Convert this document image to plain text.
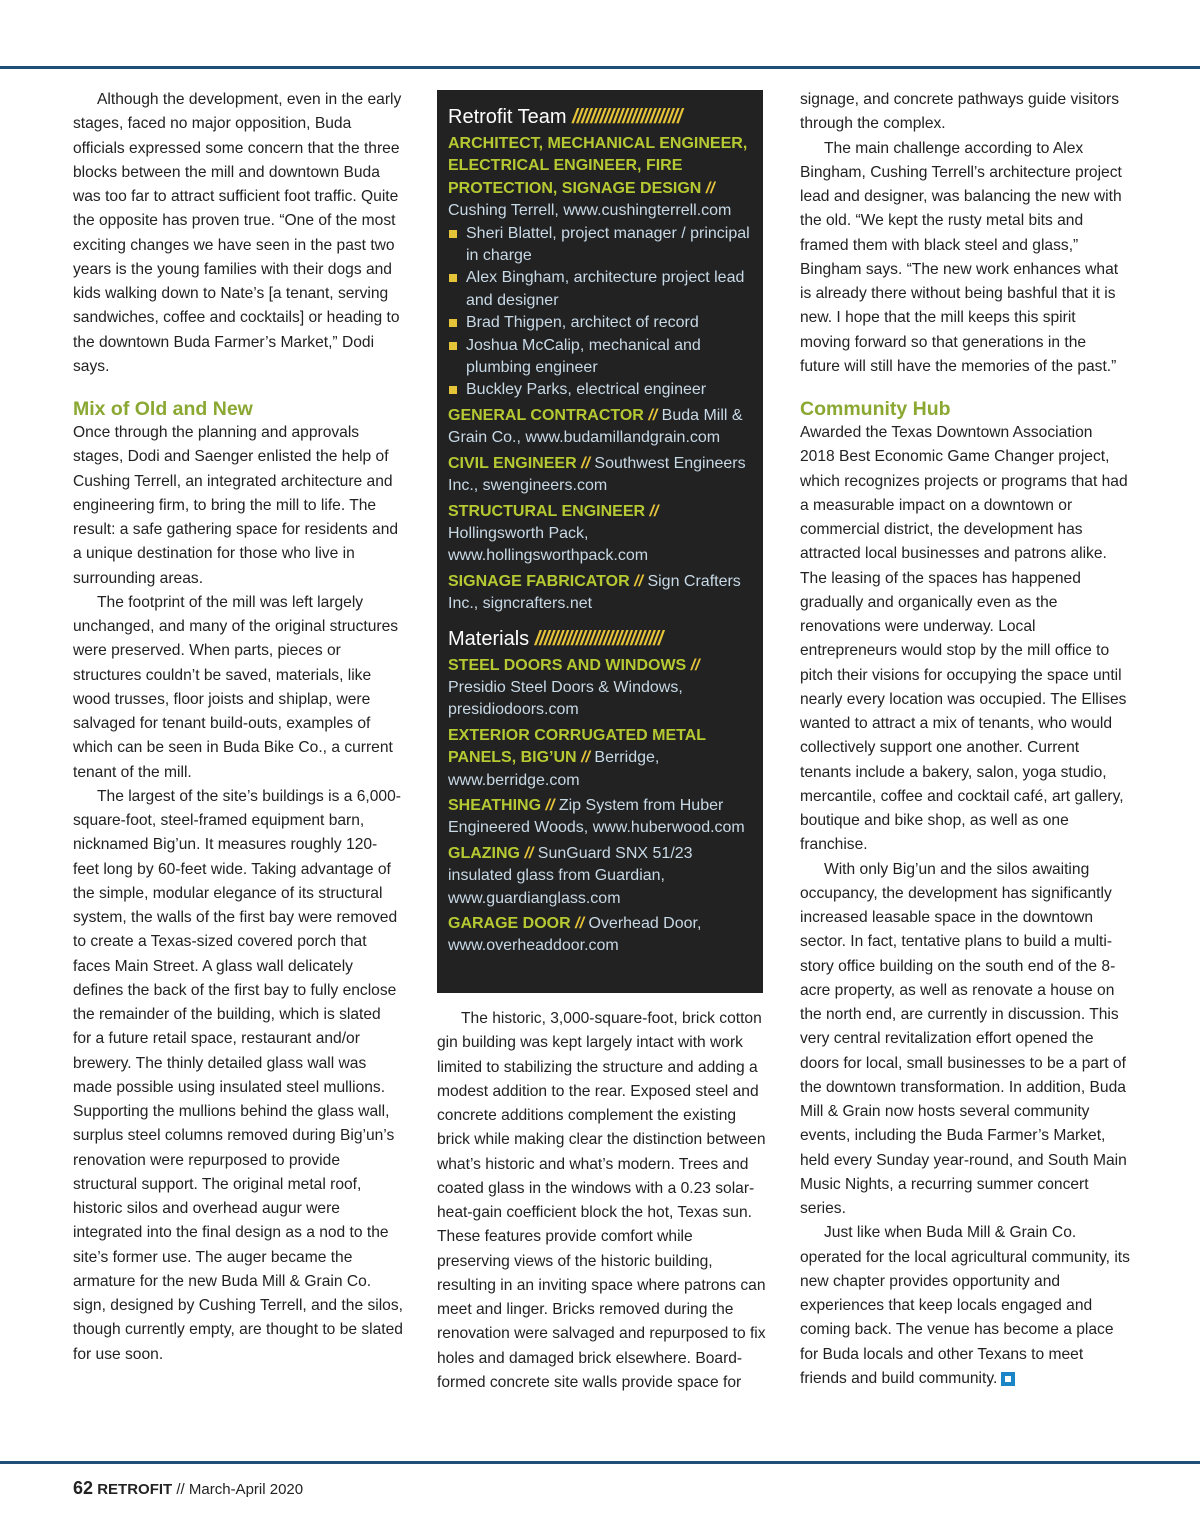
Although the development, even in the early stages, faced no major opposition, Buda officials expressed some concern that the three blocks between the mill and downtown Buda was too far to attract sufficient foot traffic. Quite the opposite has proven true. “One of the most exciting changes we have seen in the past two years is the young families with their dogs and kids walking down to Nate’s [a tenant, serving sandwiches, coffee and cocktails] or heading to the downtown Buda Farmer’s Market,” Dodi says.

Mix of Old and New

Once through the planning and approvals stages, Dodi and Saenger enlisted the help of Cushing Terrell, an integrated architecture and engineering firm, to bring the mill to life. The result: a safe gathering space for residents and a unique destination for those who live in surrounding areas.

The footprint of the mill was left largely unchanged, and many of the original structures were preserved. When parts, pieces or structures couldn’t be saved, materials, like wood trusses, floor joists and shiplap, were salvaged for tenant build-outs, examples of which can be seen in Buda Bike Co., a current tenant of the mill.

The largest of the site’s buildings is a 6,000-square-foot, steel-framed equipment barn, nicknamed Big’un. It measures roughly 120-feet long by 60-feet wide. Taking advantage of the simple, modular elegance of its structural system, the walls of the first bay were removed to create a Texas-sized covered porch that faces Main Street. A glass wall delicately defines the back of the first bay to fully enclose the remainder of the building, which is slated for a future retail space, restaurant and/or brewery. The thinly detailed glass wall was made possible using insulated steel mullions. Supporting the mullions behind the glass wall, surplus steel columns removed during Big’un’s renovation were repurposed to provide structural support. The original metal roof, historic silos and overhead augur were integrated into the final design as a nod to the site’s former use. The auger became the armature for the new Buda Mill & Grain Co. sign, designed by Cushing Terrell, and the silos, though currently empty, are thought to be slated for use soon.

Retrofit Team ////////////////////////
ARCHITECT, MECHANICAL ENGINEER, ELECTRICAL ENGINEER, FIRE PROTECTION, SIGNAGE DESIGN //
Cushing Terrell, www.cushingterrell.com
Sheri Blattel, project manager / principal in charge
Alex Bingham, architecture project lead and designer
Brad Thigpen, architect of record
Joshua McCalip, mechanical and plumbing engineer
Buckley Parks, electrical engineer
GENERAL CONTRACTOR // Buda Mill & Grain Co., www.budamillandgrain.com
CIVIL ENGINEER // Southwest Engineers Inc., swengineers.com
STRUCTURAL ENGINEER // Hollingsworth Pack, www.hollingsworthpack.com
SIGNAGE FABRICATOR // Sign Crafters Inc., signcrafters.net
Materials ////////////////////////////
STEEL DOORS AND WINDOWS // Presidio Steel Doors & Windows, presidiodoors.com
EXTERIOR CORRUGATED METAL PANELS, BIG’UN // Berridge, www.berridge.com
SHEATHING // Zip System from Huber Engineered Woods, www.huberwood.com
GLAZING // SunGuard SNX 51/23 insulated glass from Guardian, www.guardianglass.com
GARAGE DOOR // Overhead Door, www.overheaddoor.com

The historic, 3,000-square-foot, brick cotton gin building was kept largely intact with work limited to stabilizing the structure and adding a modest addition to the rear. Exposed steel and concrete additions complement the existing brick while making clear the distinction between what’s historic and what’s modern. Trees and coated glass in the windows with a 0.23 solar-heat-gain coefficient block the hot, Texas sun. These features provide comfort while preserving views of the historic building, resulting in an inviting space where patrons can meet and linger. Bricks removed during the renovation were salvaged and repurposed to fix holes and damaged brick elsewhere. Board-formed concrete site walls provide space for

signage, and concrete pathways guide visitors through the complex.

The main challenge according to Alex Bingham, Cushing Terrell’s architecture project lead and designer, was balancing the new with the old. “We kept the rusty metal bits and framed them with black steel and glass,” Bingham says. “The new work enhances what is already there without being bashful that it is new. I hope that the mill keeps this spirit moving forward so that generations in the future will still have the memories of the past.”

Community Hub

Awarded the Texas Downtown Association 2018 Best Economic Game Changer project, which recognizes projects or programs that had a measurable impact on a downtown or commercial district, the development has attracted local businesses and patrons alike. The leasing of the spaces has happened gradually and organically even as the renovations were underway. Local entrepreneurs would stop by the mill office to pitch their visions for occupying the space until nearly every location was occupied. The Ellises wanted to attract a mix of tenants, who would collectively support one another. Current tenants include a bakery, salon, yoga studio, mercantile, coffee and cocktail café, art gallery, boutique and bike shop, as well as one franchise.

With only Big’un and the silos awaiting occupancy, the development has significantly increased leasable space in the downtown sector. In fact, tentative plans to build a multi-story office building on the south end of the 8-acre property, as well as renovate a house on the north end, are currently in discussion. This very central revitalization effort opened the doors for local, small businesses to be a part of the downtown transformation. In addition, Buda Mill & Grain now hosts several community events, including the Buda Farmer’s Market, held every Sunday year-round, and South Main Music Nights, a recurring summer concert series.

Just like when Buda Mill & Grain Co. operated for the local agricultural community, its new chapter provides opportunity and experiences that keep locals engaged and coming back. The venue has become a place for Buda locals and other Texans to meet friends and build community.

62 RETROFIT // March-April 2020
